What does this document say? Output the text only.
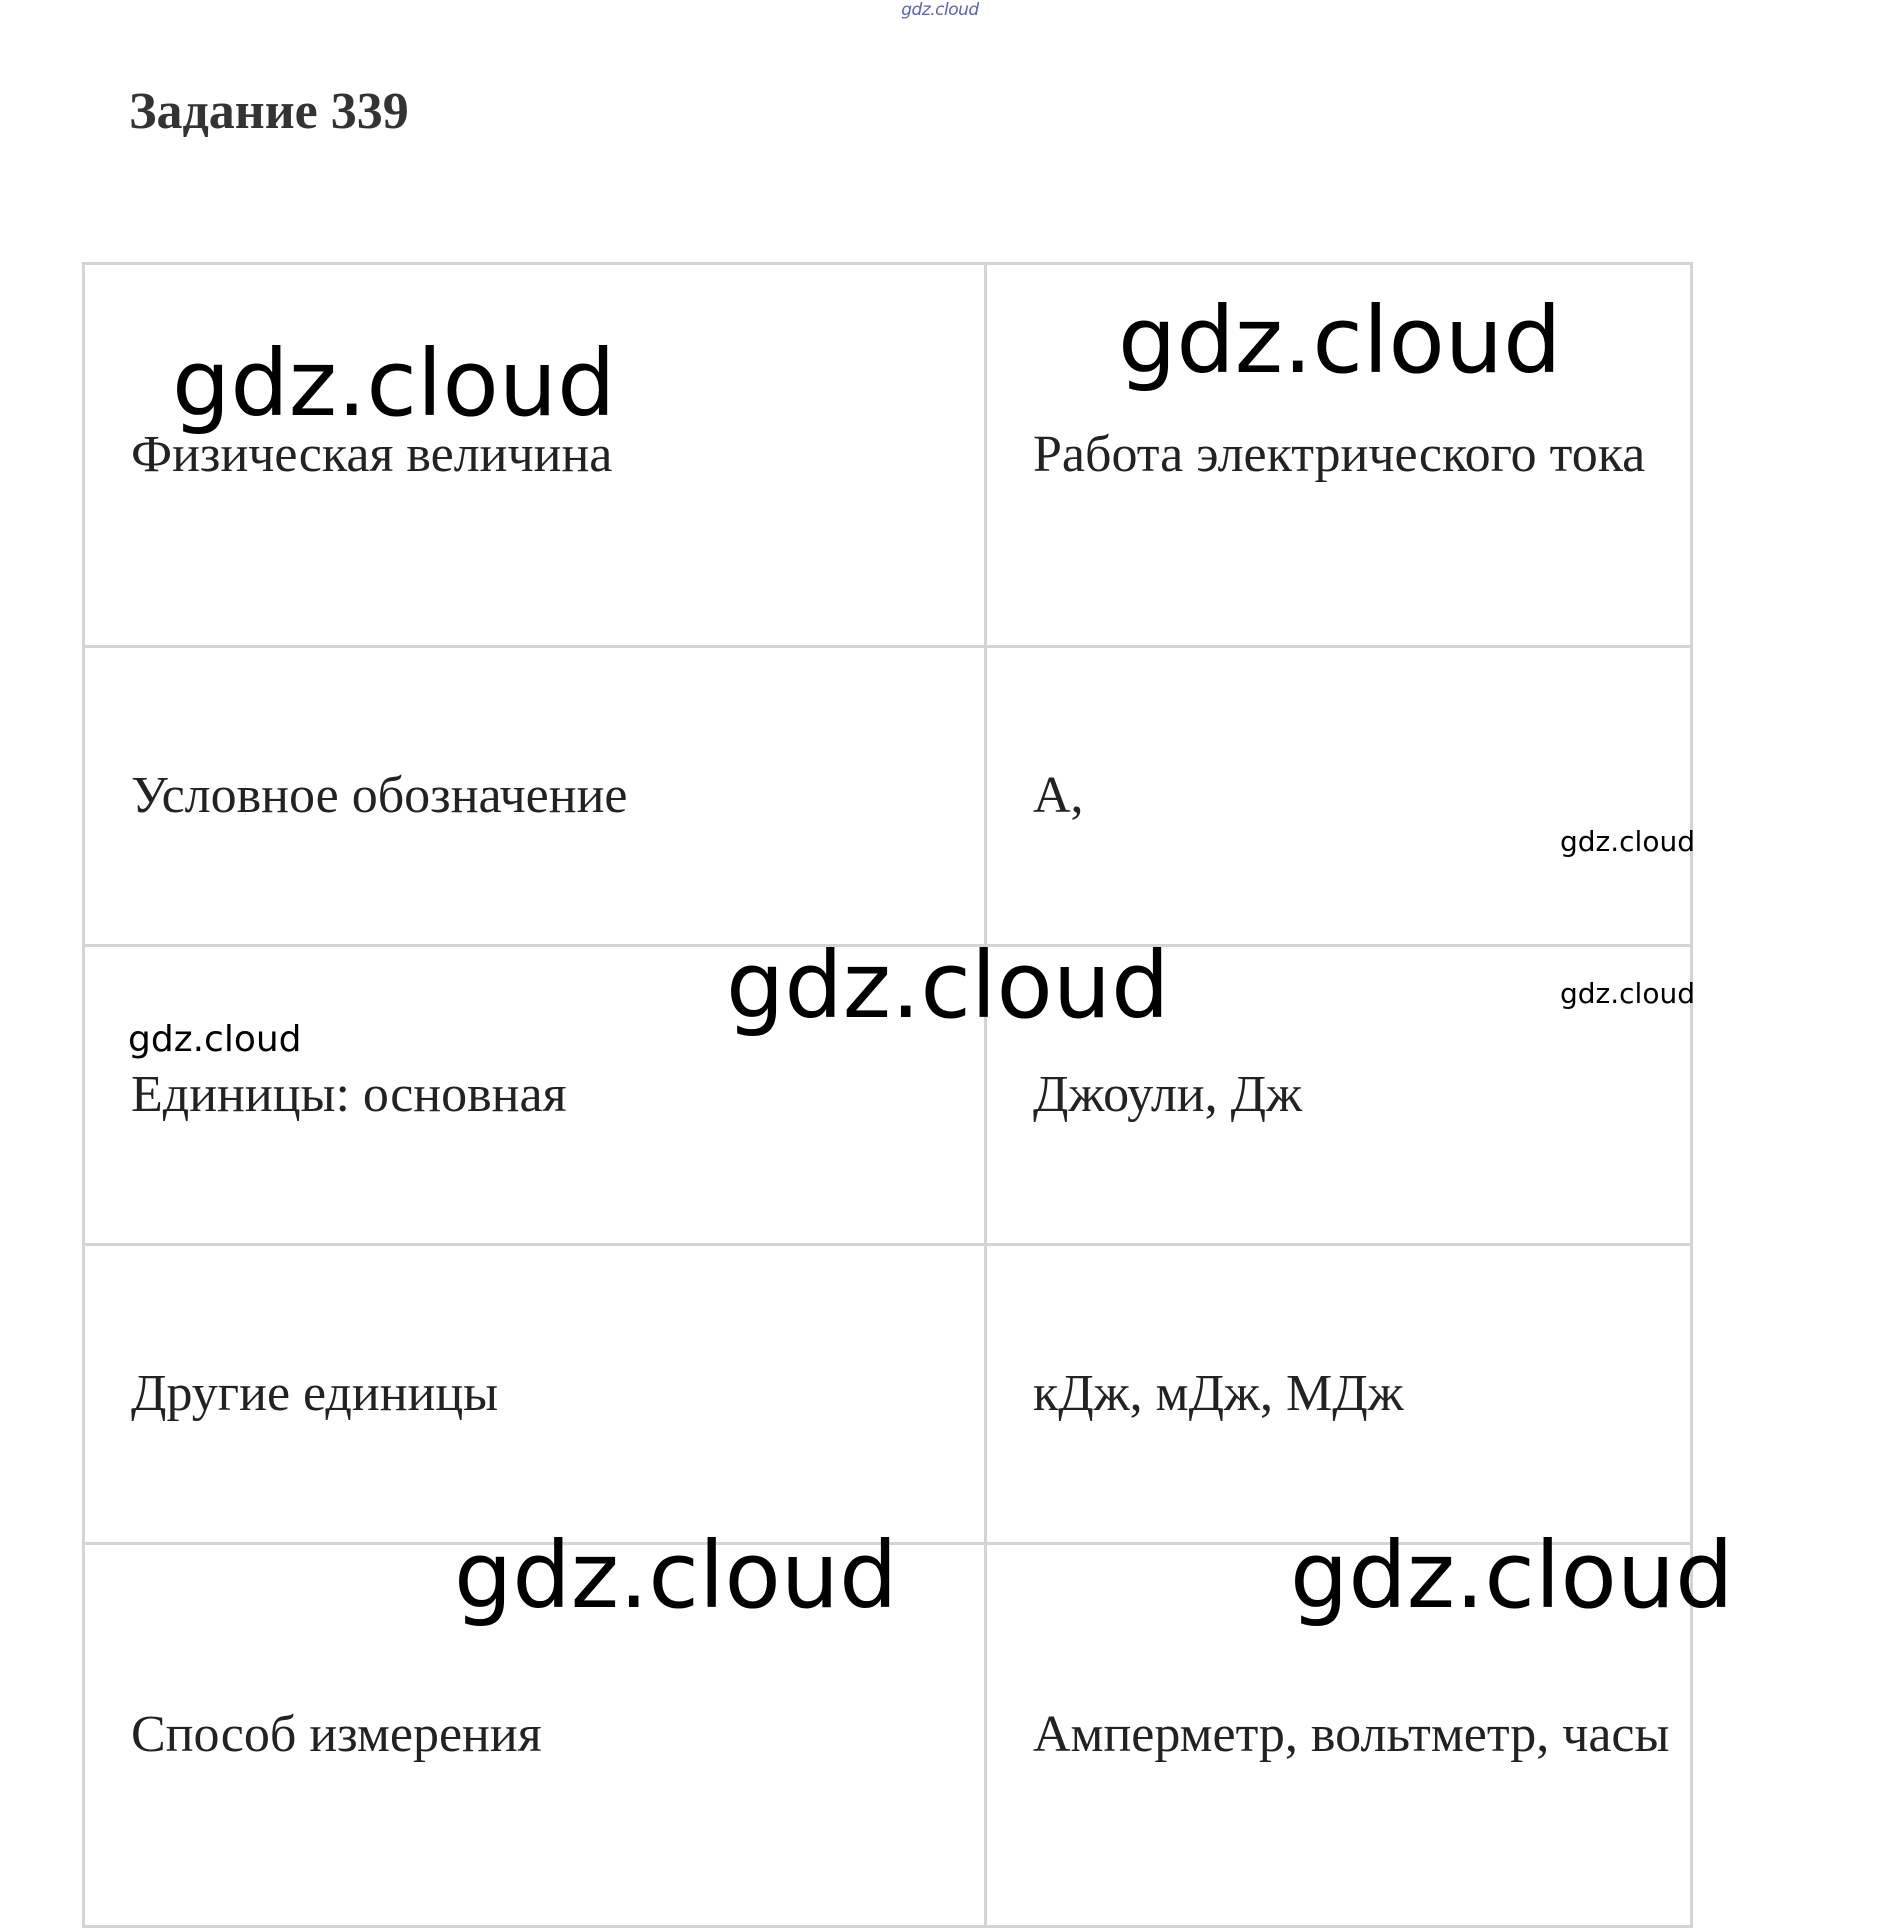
gdz.cloud
Задание 339
Физическая величина	Работа электрического тока
Условное обозначение	А,
Единицы: основная	Джоули, Дж
Другие единицы	кДж, мДж, МДж
Способ измерения	Амперметр, вольтметр, часы
gdz.cloud	gdz.cloud
gdz.cloud
gdz.cloud	gdz.cloud
gdz.cloud
gdz.cloud	gdz.cloud
